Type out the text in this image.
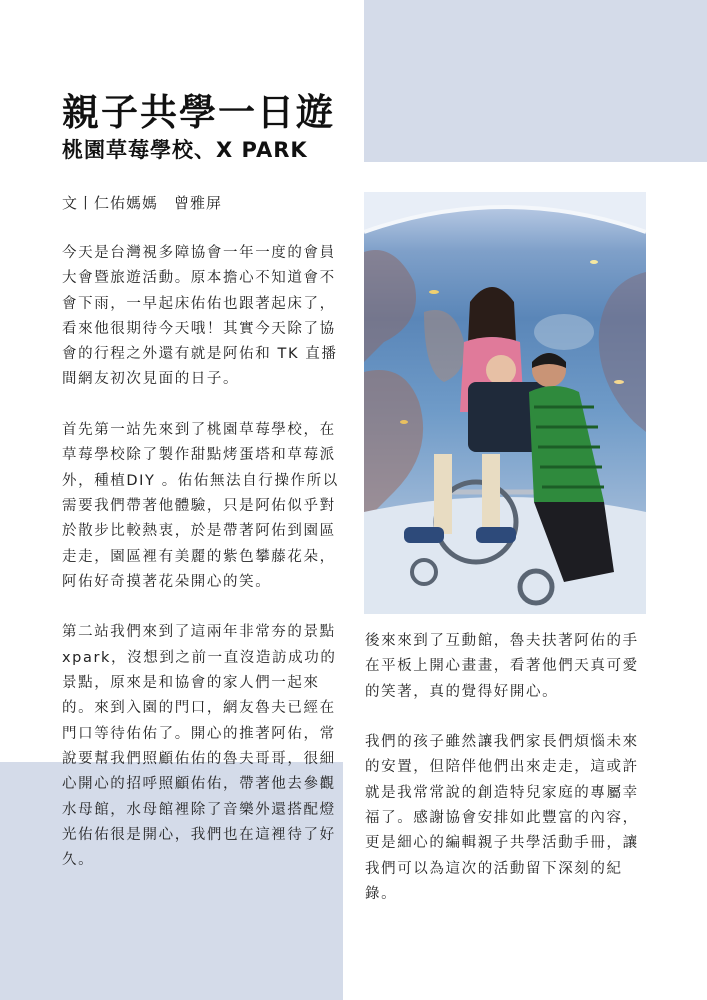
親子共學一日遊
桃園草莓學校、X PARK

文丨仁佑媽媽　曾雅屏

今天是台灣視多障協會一年一度的會員大會暨旅遊活動。原本擔心不知道會不會下雨，一早起床佑佑也跟著起床了，看來他很期待今天哦！其實今天除了協會的行程之外還有就是阿佑和 TK 直播間網友初次見面的日子。

首先第一站先來到了桃園草莓學校，在草莓學校除了製作甜點烤蛋塔和草莓派外，種植DIY 。佑佑無法自行操作所以需要我們帶著他體驗，只是阿佑似乎對於散步比較熱衷，於是帶著阿佑到園區走走，園區裡有美麗的紫色攀藤花朵，阿佑好奇摸著花朵開心的笑。

第二站我們來到了這兩年非常夯的景點xpark，沒想到之前一直沒造訪成功的景點，原來是和協會的家人們一起來的。來到入園的門口，網友魯夫已經在門口等待佑佑了。開心的推著阿佑，常說要幫我們照顧佑佑的魯夫哥哥，很細心開心的招呼照顧佑佑，帶著他去參觀水母館，水母館裡除了音樂外還搭配燈光佑佑很是開心，我們也在這裡待了好久。

後來來到了互動館，魯夫扶著阿佑的手在平板上開心畫畫，看著他們天真可愛的笑著，真的覺得好開心。

我們的孩子雖然讓我們家長們煩惱未來的安置，但陪伴他們出來走走，這或許就是我常常說的創造特兒家庭的專屬幸福了。感謝協會安排如此豐富的內容，更是細心的編輯親子共學活動手冊，讓我們可以為這次的活動留下深刻的紀錄。
